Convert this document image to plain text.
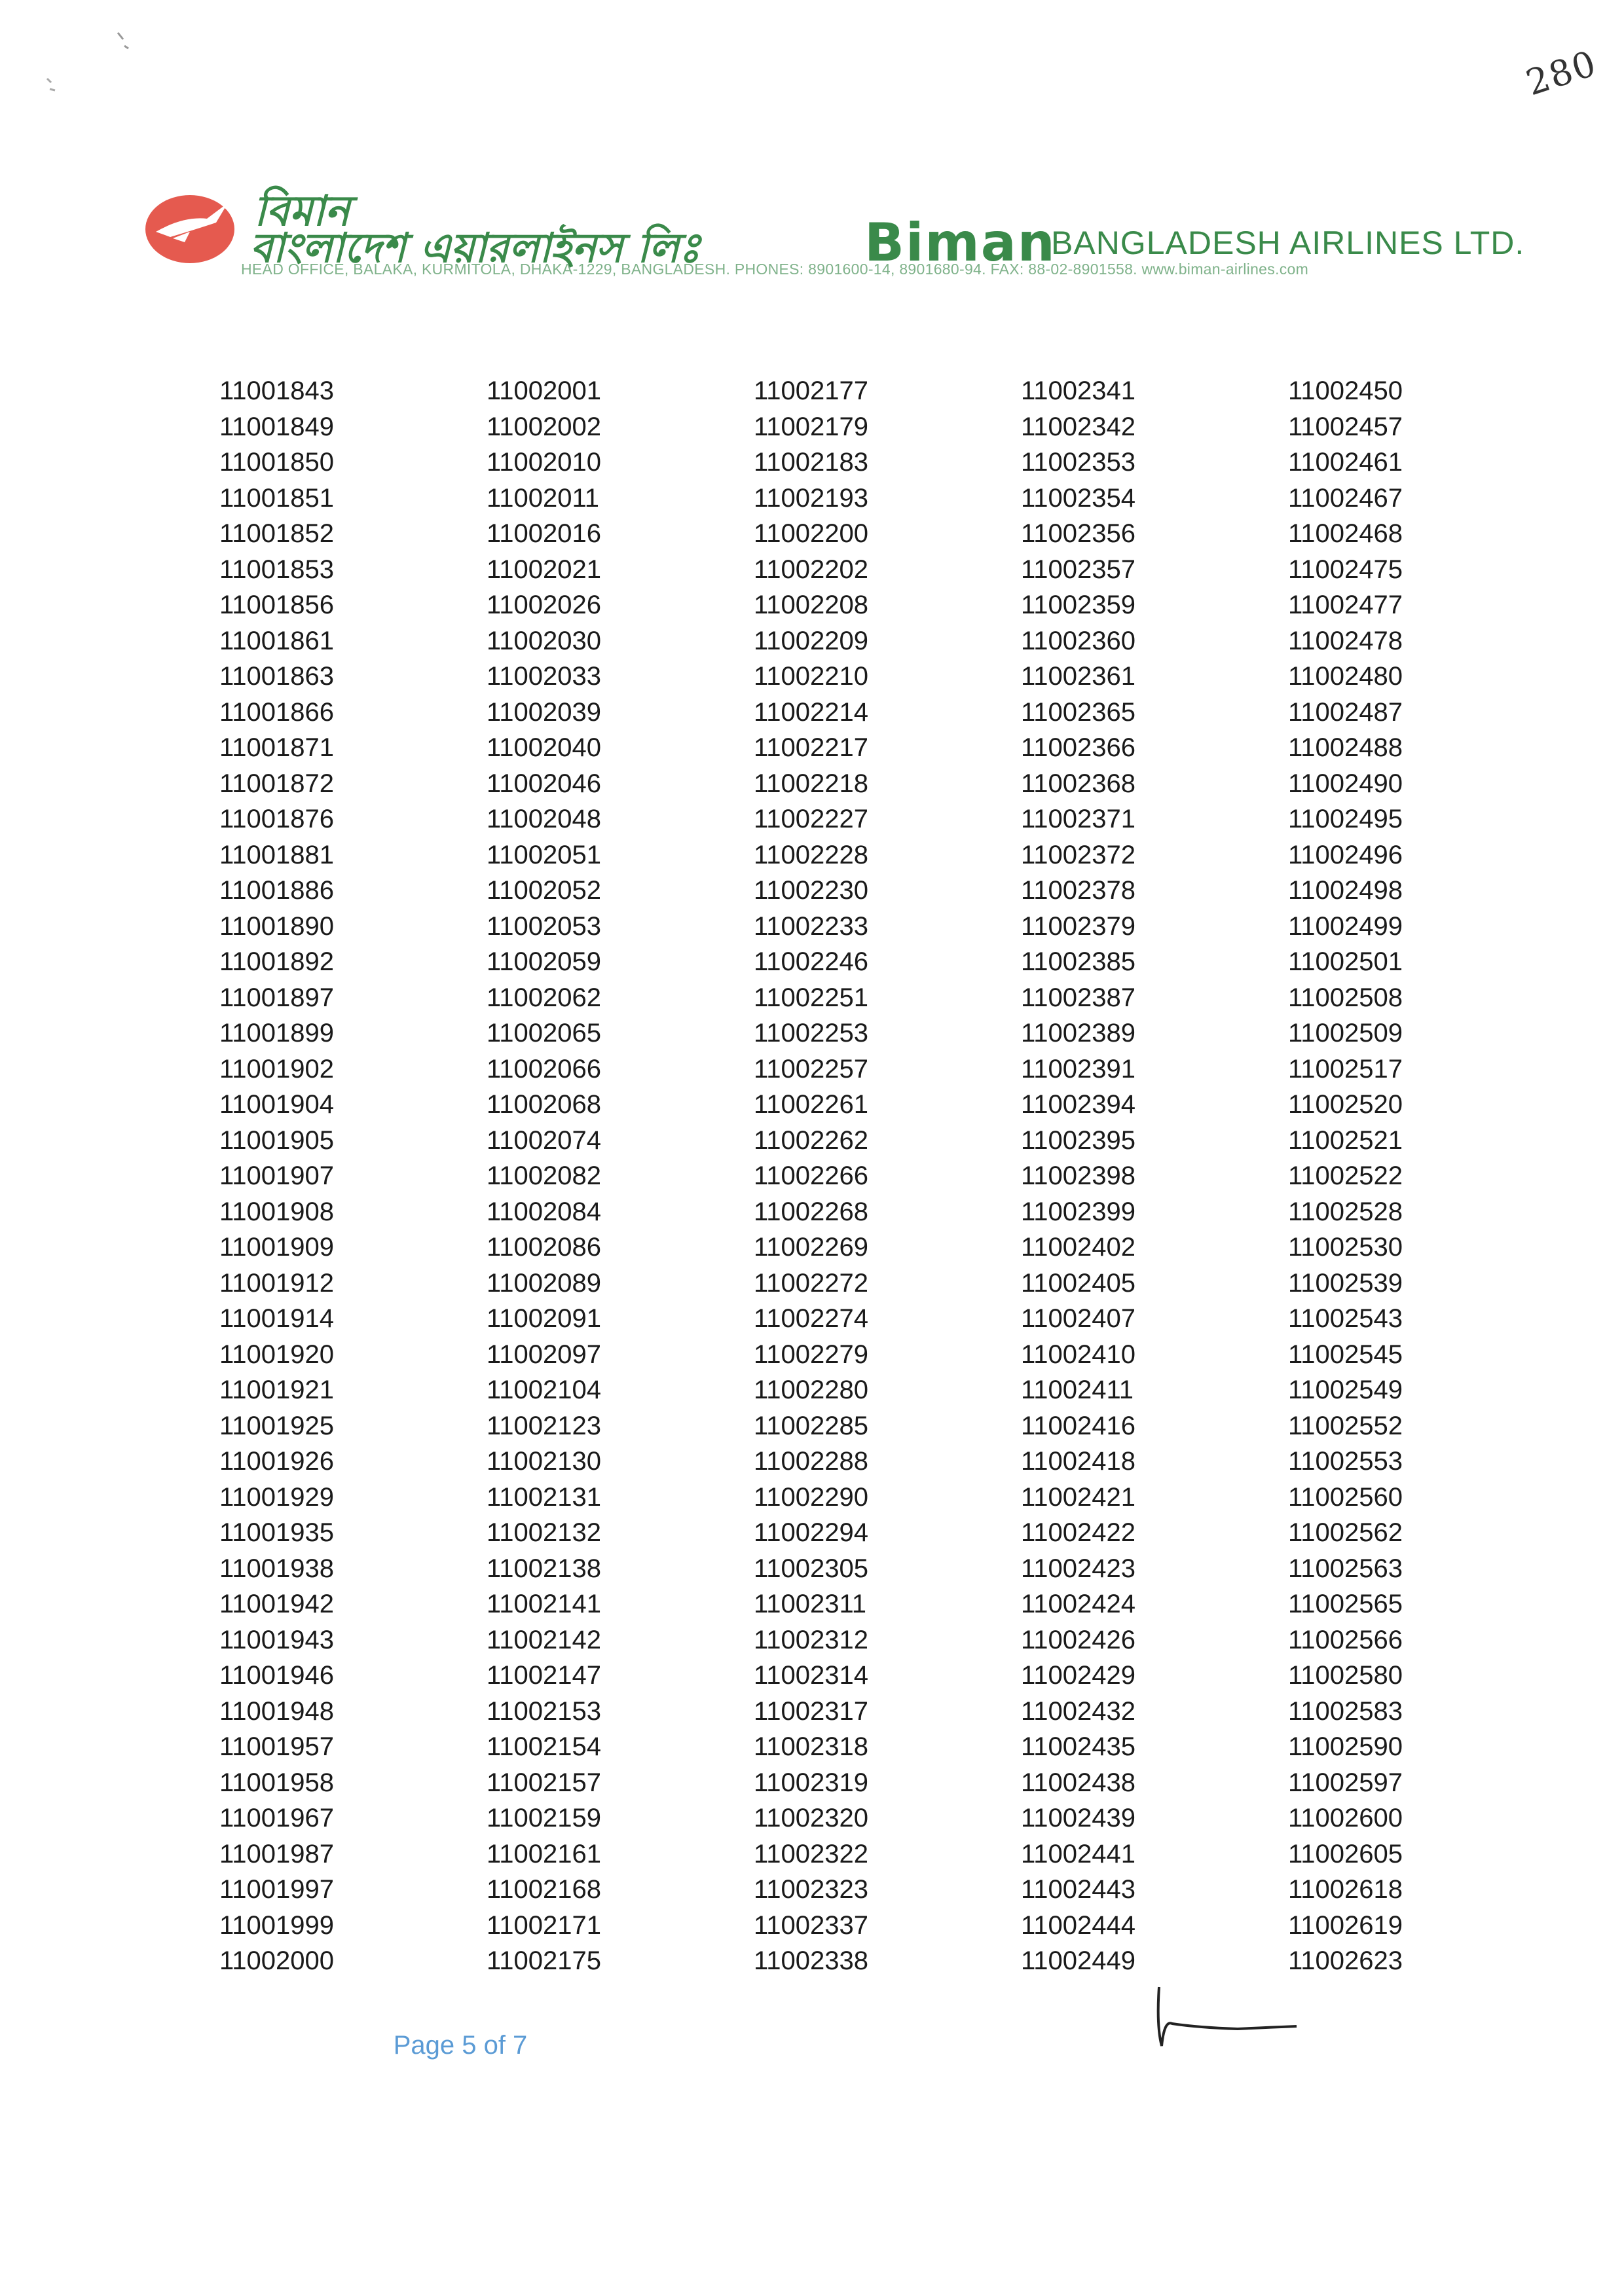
280
বিমান
বাংলাদেশ এয়ারলাইনস লিঃ	Biman
BANGLADESH AIRLINES LTD.
HEAD OFFICE, BALAKA, KURMITOLA, DHAKA-1229, BANGLADESH. PHONES: 8901600-14, 8901680-94. FAX: 88-02-8901558. www.biman-airlines.com
11001843
11001849
11001850
11001851
11001852
11001853
11001856
11001861
11001863
11001866
11001871
11001872
11001876
11001881
11001886
11001890
11001892
11001897
11001899
11001902
11001904
11001905
11001907
11001908
11001909
11001912
11001914
11001920
11001921
11001925
11001926
11001929
11001935
11001938
11001942
11001943
11001946
11001948
11001957
11001958
11001967
11001987
11001997
11001999
11002000
11002001
11002002
11002010
11002011
11002016
11002021
11002026
11002030
11002033
11002039
11002040
11002046
11002048
11002051
11002052
11002053
11002059
11002062
11002065
11002066
11002068
11002074
11002082
11002084
11002086
11002089
11002091
11002097
11002104
11002123
11002130
11002131
11002132
11002138
11002141
11002142
11002147
11002153
11002154
11002157
11002159
11002161
11002168
11002171
11002175
11002177
11002179
11002183
11002193
11002200
11002202
11002208
11002209
11002210
11002214
11002217
11002218
11002227
11002228
11002230
11002233
11002246
11002251
11002253
11002257
11002261
11002262
11002266
11002268
11002269
11002272
11002274
11002279
11002280
11002285
11002288
11002290
11002294
11002305
11002311
11002312
11002314
11002317
11002318
11002319
11002320
11002322
11002323
11002337
11002338
11002341
11002342
11002353
11002354
11002356
11002357
11002359
11002360
11002361
11002365
11002366
11002368
11002371
11002372
11002378
11002379
11002385
11002387
11002389
11002391
11002394
11002395
11002398
11002399
11002402
11002405
11002407
11002410
11002411
11002416
11002418
11002421
11002422
11002423
11002424
11002426
11002429
11002432
11002435
11002438
11002439
11002441
11002443
11002444
11002449
11002450
11002457
11002461
11002467
11002468
11002475
11002477
11002478
11002480
11002487
11002488
11002490
11002495
11002496
11002498
11002499
11002501
11002508
11002509
11002517
11002520
11002521
11002522
11002528
11002530
11002539
11002543
11002545
11002549
11002552
11002553
11002560
11002562
11002563
11002565
11002566
11002580
11002583
11002590
11002597
11002600
11002605
11002618
11002619
11002623
Page 5 of 7
